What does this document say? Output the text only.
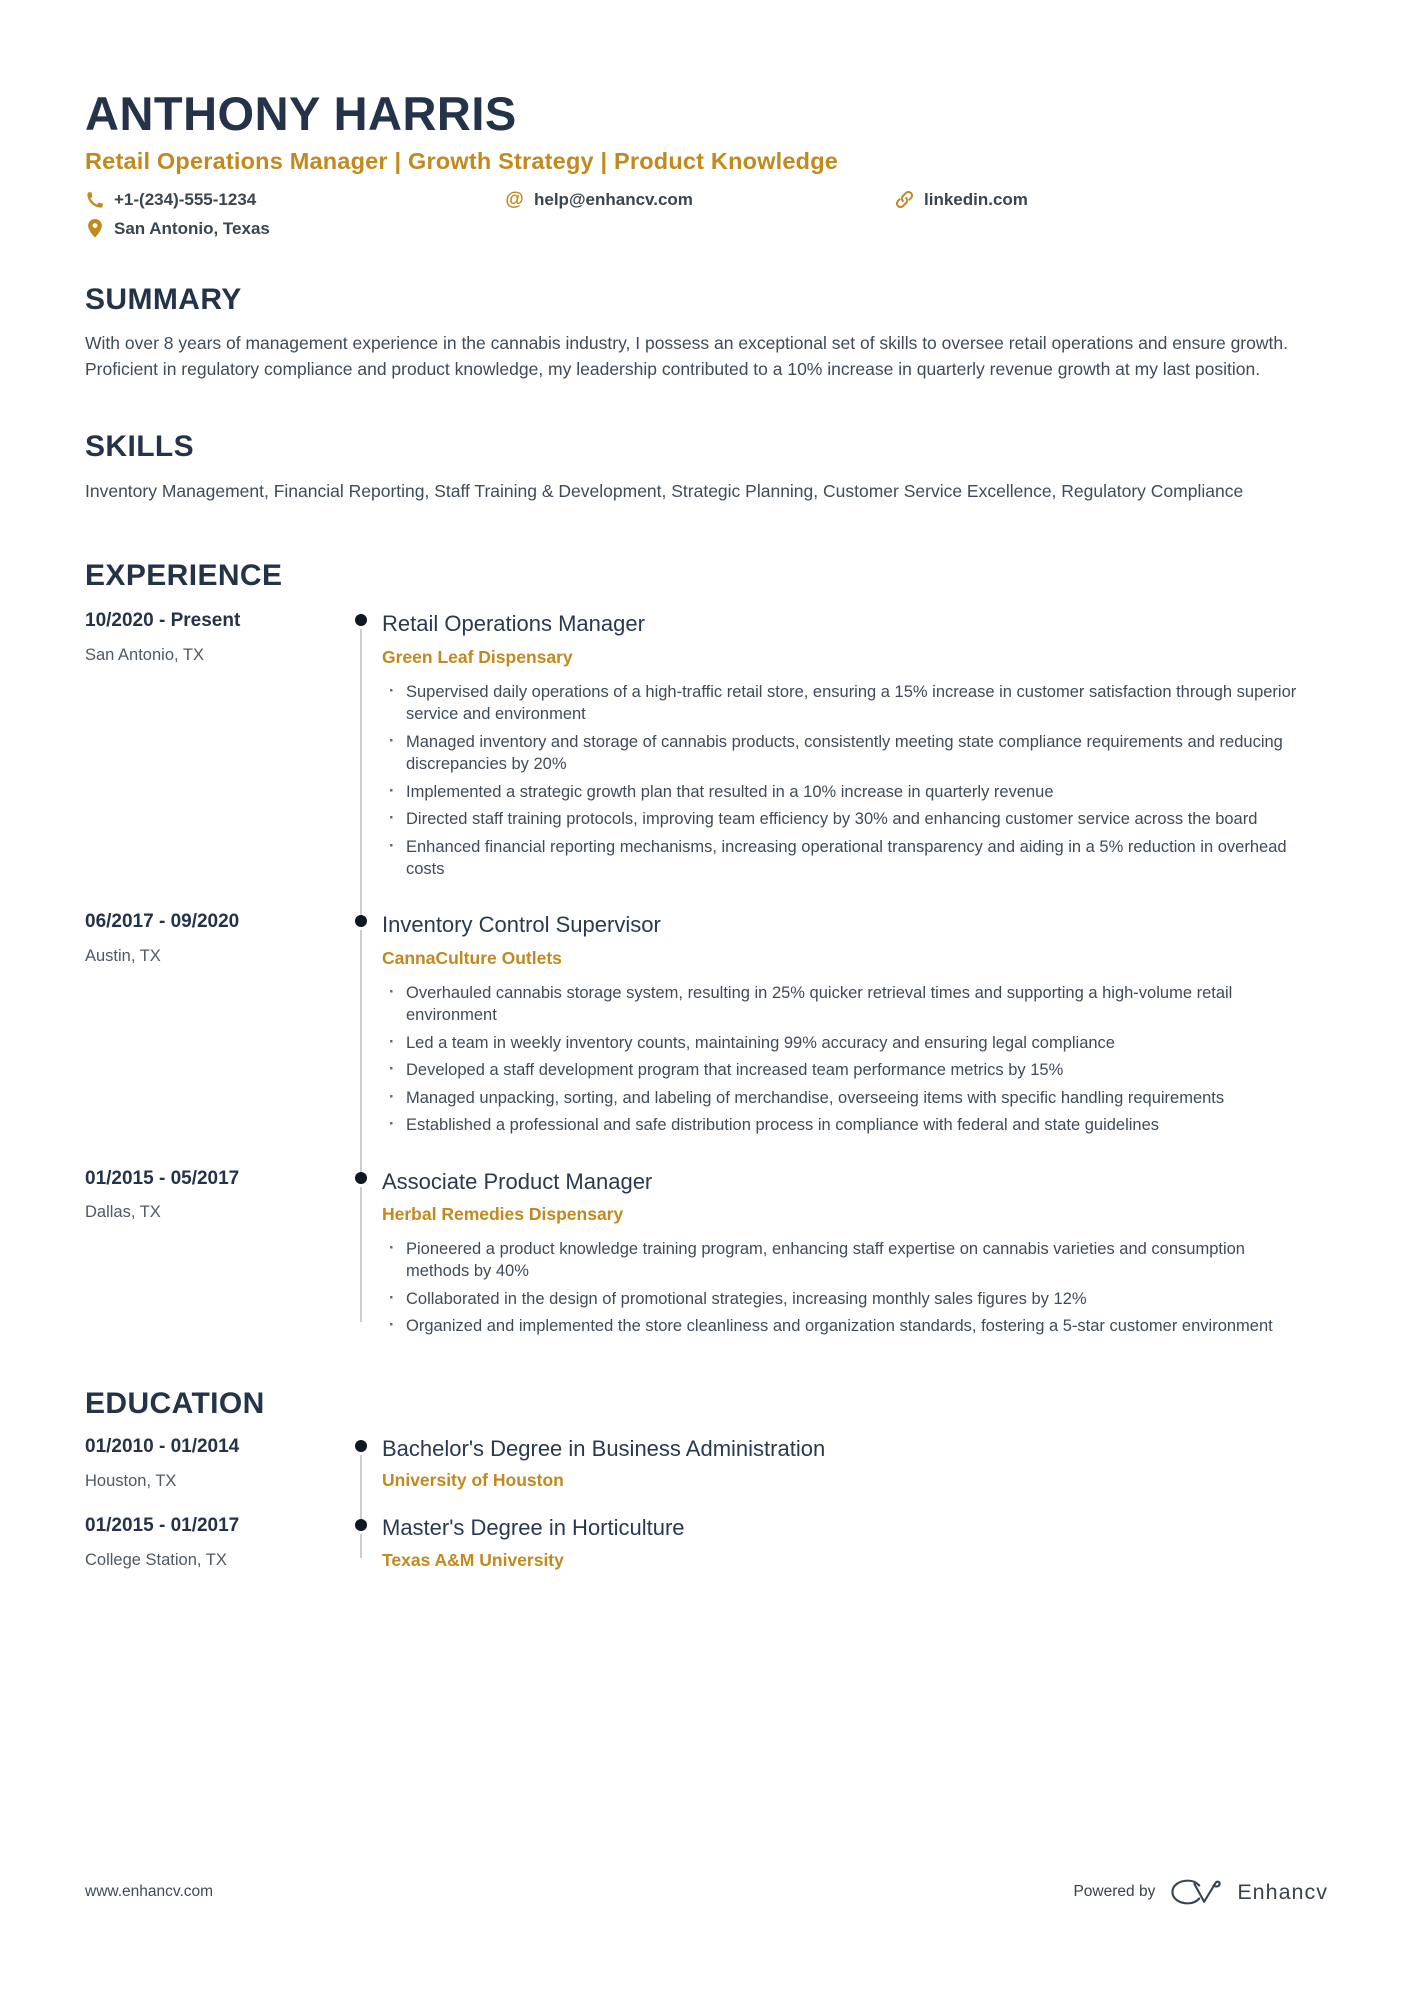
ANTHONY HARRIS
Retail Operations Manager | Growth Strategy | Product Knowledge
+1-(234)-555-1234	@ help@enhancv.com	linkedin.com
San Antonio, Texas
SUMMARY

With over 8 years of management experience in the cannabis industry, I possess an exceptional set of skills to oversee retail operations and ensure growth. Proficient in regulatory compliance and product knowledge, my leadership contributed to a 10% increase in quarterly revenue growth at my last position.

SKILLS

Inventory Management, Financial Reporting, Staff Training & Development, Strategic Planning, Customer Service Excellence, Regulatory Compliance

EXPERIENCE
10/2020 - Present
San Antonio, TX
Retail Operations Manager
Green Leaf Dispensary
· Supervised daily operations of a high-traffic retail store, ensuring a 15% increase in customer satisfaction through superior service and environment
· Managed inventory and storage of cannabis products, consistently meeting state compliance requirements and reducing discrepancies by 20%
· Implemented a strategic growth plan that resulted in a 10% increase in quarterly revenue
· Directed staff training protocols, improving team efficiency by 30% and enhancing customer service across the board
· Enhanced financial reporting mechanisms, increasing operational transparency and aiding in a 5% reduction in overhead costs
06/2017 - 09/2020
Austin, TX
Inventory Control Supervisor
CannaCulture Outlets
· Overhauled cannabis storage system, resulting in 25% quicker retrieval times and supporting a high-volume retail environment
· Led a team in weekly inventory counts, maintaining 99% accuracy and ensuring legal compliance
· Developed a staff development program that increased team performance metrics by 15%
· Managed unpacking, sorting, and labeling of merchandise, overseeing items with specific handling requirements
· Established a professional and safe distribution process in compliance with federal and state guidelines
01/2015 - 05/2017
Dallas, TX
Associate Product Manager
Herbal Remedies Dispensary
· Pioneered a product knowledge training program, enhancing staff expertise on cannabis varieties and consumption methods by 40%
· Collaborated in the design of promotional strategies, increasing monthly sales figures by 12%
· Organized and implemented the store cleanliness and organization standards, fostering a 5-star customer environment
EDUCATION
01/2010 - 01/2014
Houston, TX
Bachelor's Degree in Business Administration
University of Houston
01/2015 - 01/2017
College Station, TX
Master's Degree in Horticulture
Texas A&M University
www.enhancv.com	Powered by	Enhancv
